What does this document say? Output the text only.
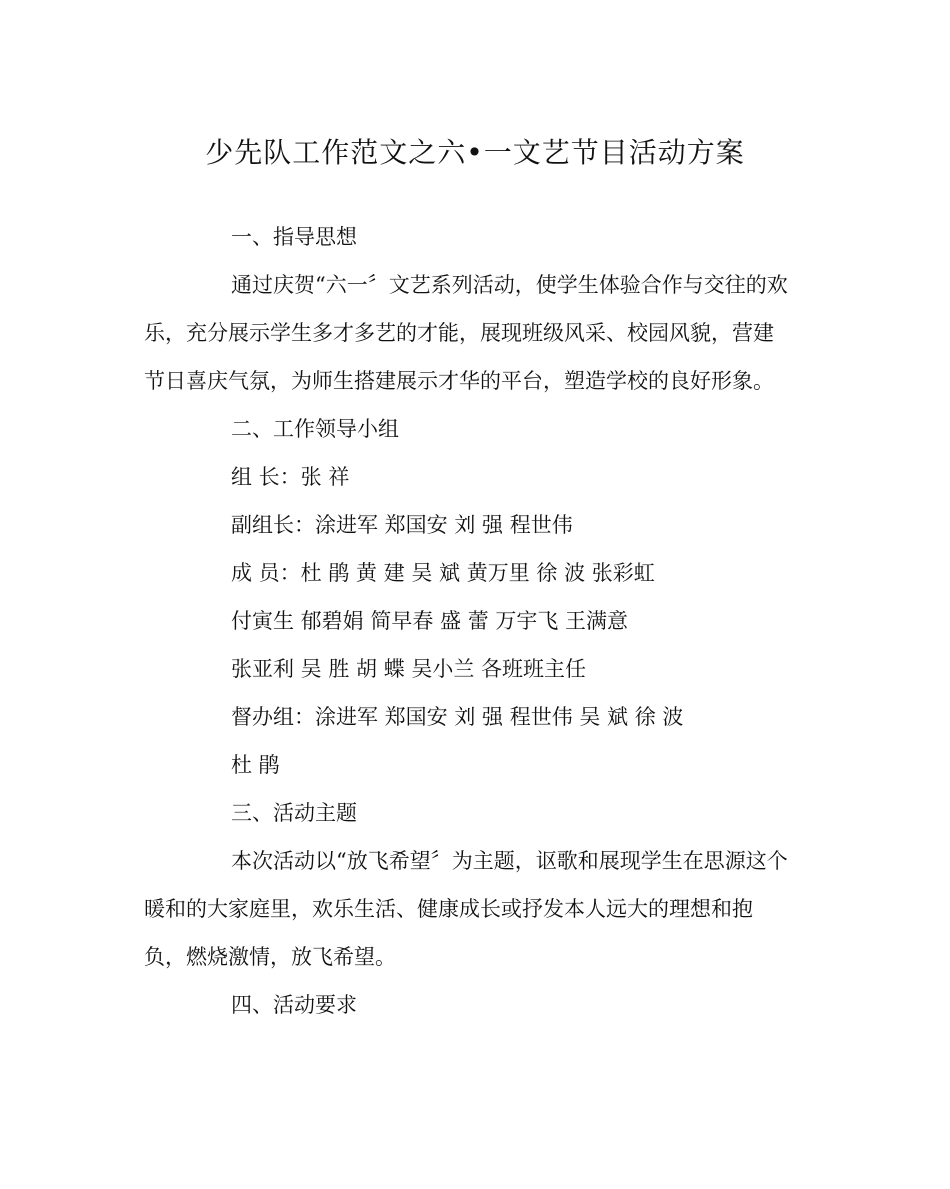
少先队工作范文之六•一文艺节目活动方案
一、指导思想
通过庆贺“六一〞文艺系列活动，使学生体验合作与交往的欢
乐，充分展示学生多才多艺的才能，展现班级风采、校园风貌，营建
节日喜庆气氛，为师生搭建展示才华的平台，塑造学校的良好形象。
二、工作领导小组
组 长：张 祥
副组长：涂进军 郑国安 刘 强 程世伟
成 员：杜 鹃 黄 建 吴 斌 黄万里 徐 波 张彩虹
付寅生 郁碧娟 简早春 盛 蕾 万宇飞 王满意
张亚利 吴 胜 胡 蝶 吴小兰 各班班主任
督办组：涂进军 郑国安 刘 强 程世伟 吴 斌 徐 波
杜 鹃
三、活动主题
本次活动以“放飞希望〞为主题，讴歌和展现学生在思源这个
暖和的大家庭里，欢乐生活、健康成长或抒发本人远大的理想和抱
负，燃烧激情，放飞希望。
四、活动要求
